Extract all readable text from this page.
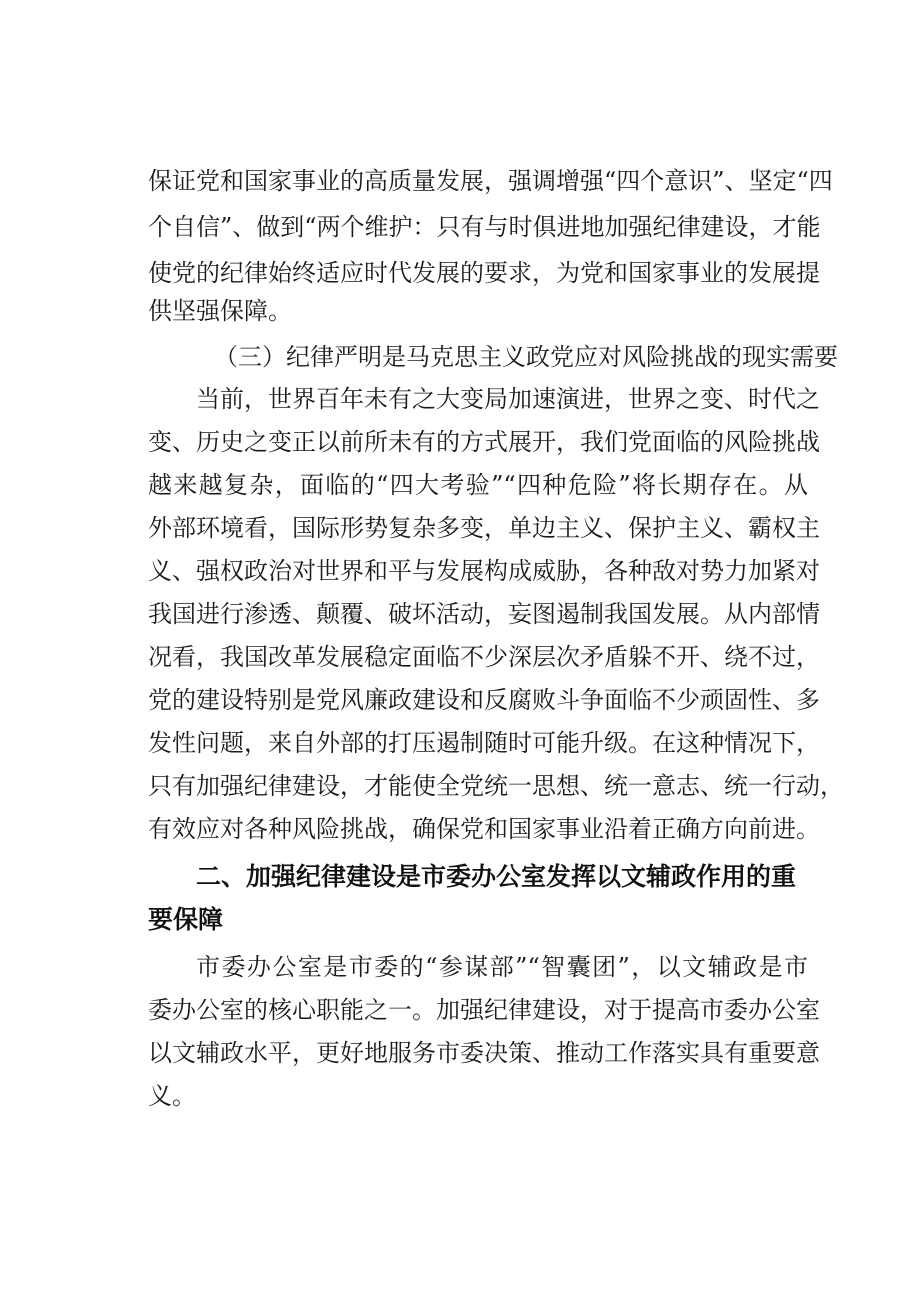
保证党和国家事业的高质量发展，强调增强“四个意识”、坚定“四
个自信”、做到“两个维护：只有与时俱进地加强纪律建设，才能
使党的纪律始终适应时代发展的要求，为党和国家事业的发展提
供坚强保障。
（三）纪律严明是马克思主义政党应对风险挑战的现实需要
当前，世界百年未有之大变局加速演进，世界之变、时代之
变、历史之变正以前所未有的方式展开，我们党面临的风险挑战
越来越复杂，面临的“四大考验”“四种危险”将长期存在。从
外部环境看，国际形势复杂多变，单边主义、保护主义、霸权主
义、强权政治对世界和平与发展构成威胁，各种敌对势力加紧对
我国进行渗透、颠覆、破坏活动，妄图遏制我国发展。从内部情
况看，我国改革发展稳定面临不少深层次矛盾躲不开、绕不过，
党的建设特别是党风廉政建设和反腐败斗争面临不少顽固性、多
发性问题，来自外部的打压遏制随时可能升级。在这种情况下，
只有加强纪律建设，才能使全党统一思想、统一意志、统一行动，
有效应对各种风险挑战，确保党和国家事业沿着正确方向前进。
二、加强纪律建设是市委办公室发挥以文辅政作用的重
要保障
市委办公室是市委的“参谋部”“智囊团”，以文辅政是市
委办公室的核心职能之一。加强纪律建设，对于提高市委办公室
以文辅政水平，更好地服务市委决策、推动工作落实具有重要意
义。
